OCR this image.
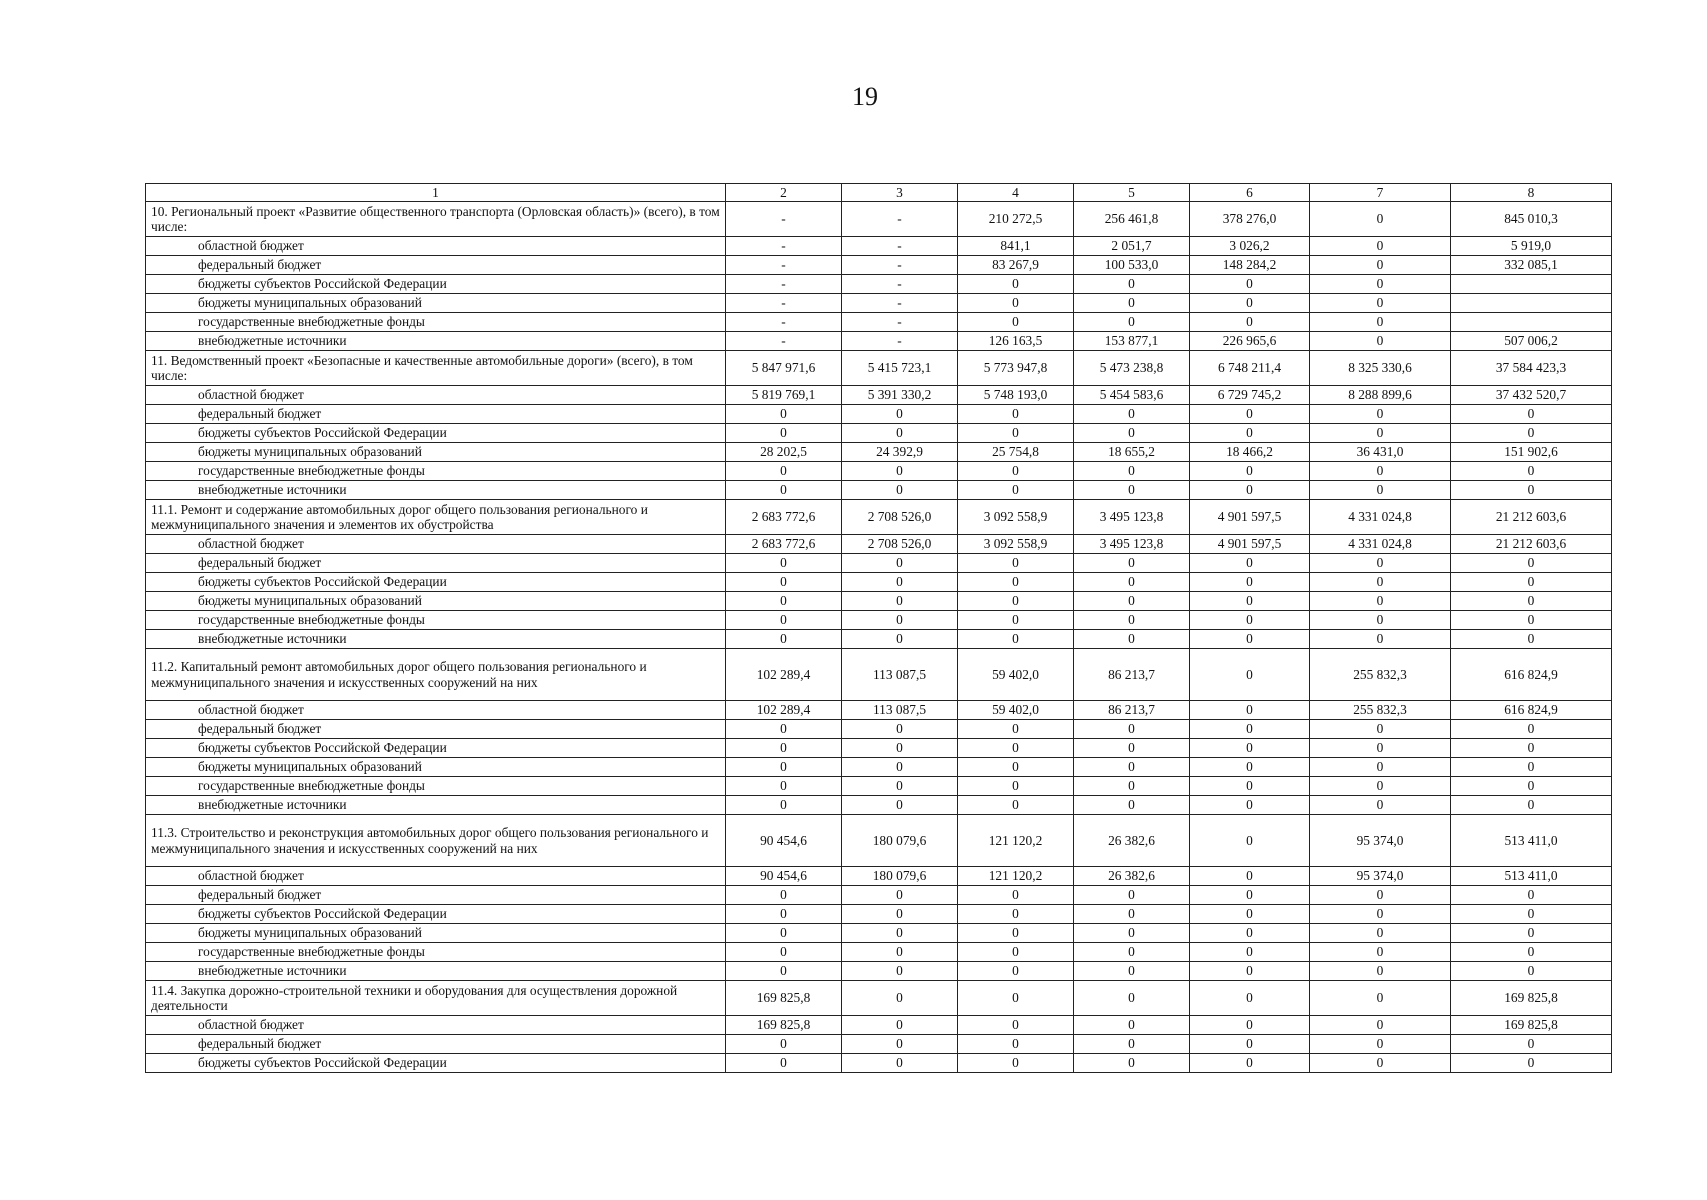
19
1	2	3	4	5	6	7	8
10. Региональный проект «Развитие общественного транспорта (Орловская область)» (всего), в том числе:	-	-	210 272,5	256 461,8	378 276,0	0	845 010,3
областной бюджет	-	-	841,1	2 051,7	3 026,2	0	5 919,0
федеральный бюджет	-	-	83 267,9	100 533,0	148 284,2	0	332 085,1
бюджеты субъектов Российской Федерации	-	-	0	0	0	0	
бюджеты муниципальных образований	-	-	0	0	0	0	
государственные внебюджетные фонды	-	-	0	0	0	0	
внебюджетные источники	-	-	126 163,5	153 877,1	226 965,6	0	507 006,2
11. Ведомственный проект «Безопасные и качественные автомобильные дороги» (всего), в том числе:	5 847 971,6	5 415 723,1	5 773 947,8	5 473 238,8	6 748 211,4	8 325 330,6	37 584 423,3
областной бюджет	5 819 769,1	5 391 330,2	5 748 193,0	5 454 583,6	6 729 745,2	8 288 899,6	37 432 520,7
федеральный бюджет	0	0	0	0	0	0	0
бюджеты субъектов Российской Федерации	0	0	0	0	0	0	0
бюджеты муниципальных образований	28 202,5	24 392,9	25 754,8	18 655,2	18 466,2	36 431,0	151 902,6
государственные внебюджетные фонды	0	0	0	0	0	0	0
внебюджетные источники	0	0	0	0	0	0	0
11.1. Ремонт и содержание автомобильных дорог общего пользования регионального и межмуниципального значения и элементов их обустройства	2 683 772,6	2 708 526,0	3 092 558,9	3 495 123,8	4 901 597,5	4 331 024,8	21 212 603,6
областной бюджет	2 683 772,6	2 708 526,0	3 092 558,9	3 495 123,8	4 901 597,5	4 331 024,8	21 212 603,6
федеральный бюджет	0	0	0	0	0	0	0
бюджеты субъектов Российской Федерации	0	0	0	0	0	0	0
бюджеты муниципальных образований	0	0	0	0	0	0	0
государственные внебюджетные фонды	0	0	0	0	0	0	0
внебюджетные источники	0	0	0	0	0	0	0
11.2. Капитальный ремонт автомобильных дорог общего пользования регионального и межмуниципального значения и искусственных сооружений на них	102 289,4	113 087,5	59 402,0	86 213,7	0	255 832,3	616 824,9
областной бюджет	102 289,4	113 087,5	59 402,0	86 213,7	0	255 832,3	616 824,9
федеральный бюджет	0	0	0	0	0	0	0
бюджеты субъектов Российской Федерации	0	0	0	0	0	0	0
бюджеты муниципальных образований	0	0	0	0	0	0	0
государственные внебюджетные фонды	0	0	0	0	0	0	0
внебюджетные источники	0	0	0	0	0	0	0
11.3. Строительство и реконструкция автомобильных дорог общего пользования регионального и межмуниципального значения и искусственных сооружений на них	90 454,6	180 079,6	121 120,2	26 382,6	0	95 374,0	513 411,0
областной бюджет	90 454,6	180 079,6	121 120,2	26 382,6	0	95 374,0	513 411,0
федеральный бюджет	0	0	0	0	0	0	0
бюджеты субъектов Российской Федерации	0	0	0	0	0	0	0
бюджеты муниципальных образований	0	0	0	0	0	0	0
государственные внебюджетные фонды	0	0	0	0	0	0	0
внебюджетные источники	0	0	0	0	0	0	0
11.4. Закупка дорожно-строительной техники и оборудования для осуществления дорожной деятельности	169 825,8	0	0	0	0	0	169 825,8
областной бюджет	169 825,8	0	0	0	0	0	169 825,8
федеральный бюджет	0	0	0	0	0	0	0
бюджеты субъектов Российской Федерации	0	0	0	0	0	0	0
